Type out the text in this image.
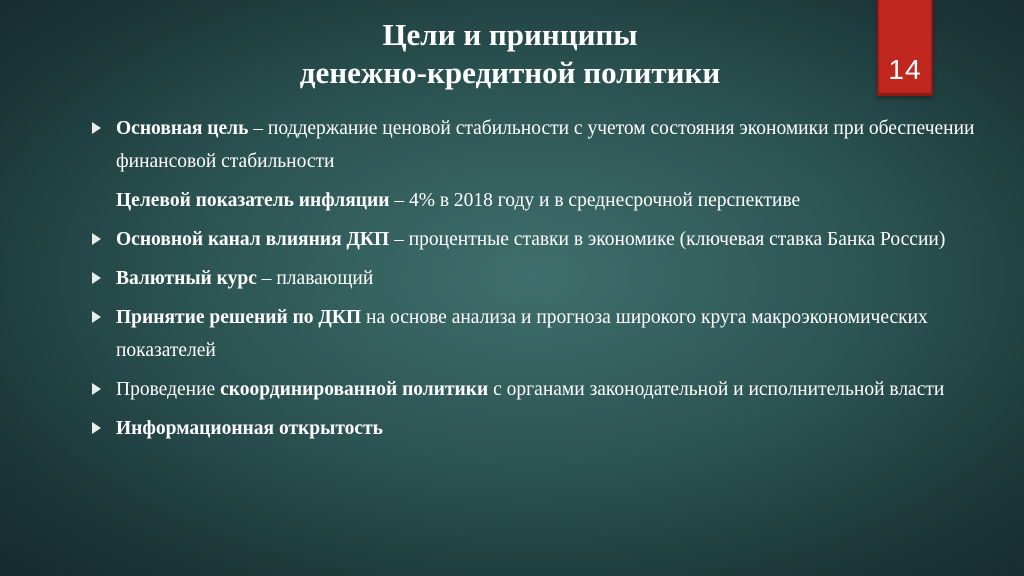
14
Цели и принципы
денежно-кредитной политики
Основная цель – поддержание ценовой стабильности с учетом состояния экономики при обеспечении финансовой стабильности
Целевой показатель инфляции – 4% в 2018 году и в среднесрочной перспективе
Основной канал влияния ДКП – процентные ставки в экономике (ключевая ставка Банка России)
Валютный курс – плавающий
Принятие решений по ДКП на основе анализа и прогноза широкого круга макроэкономических показателей
Проведение скоординированной политики с органами законодательной и исполнительной власти
Информационная открытость
